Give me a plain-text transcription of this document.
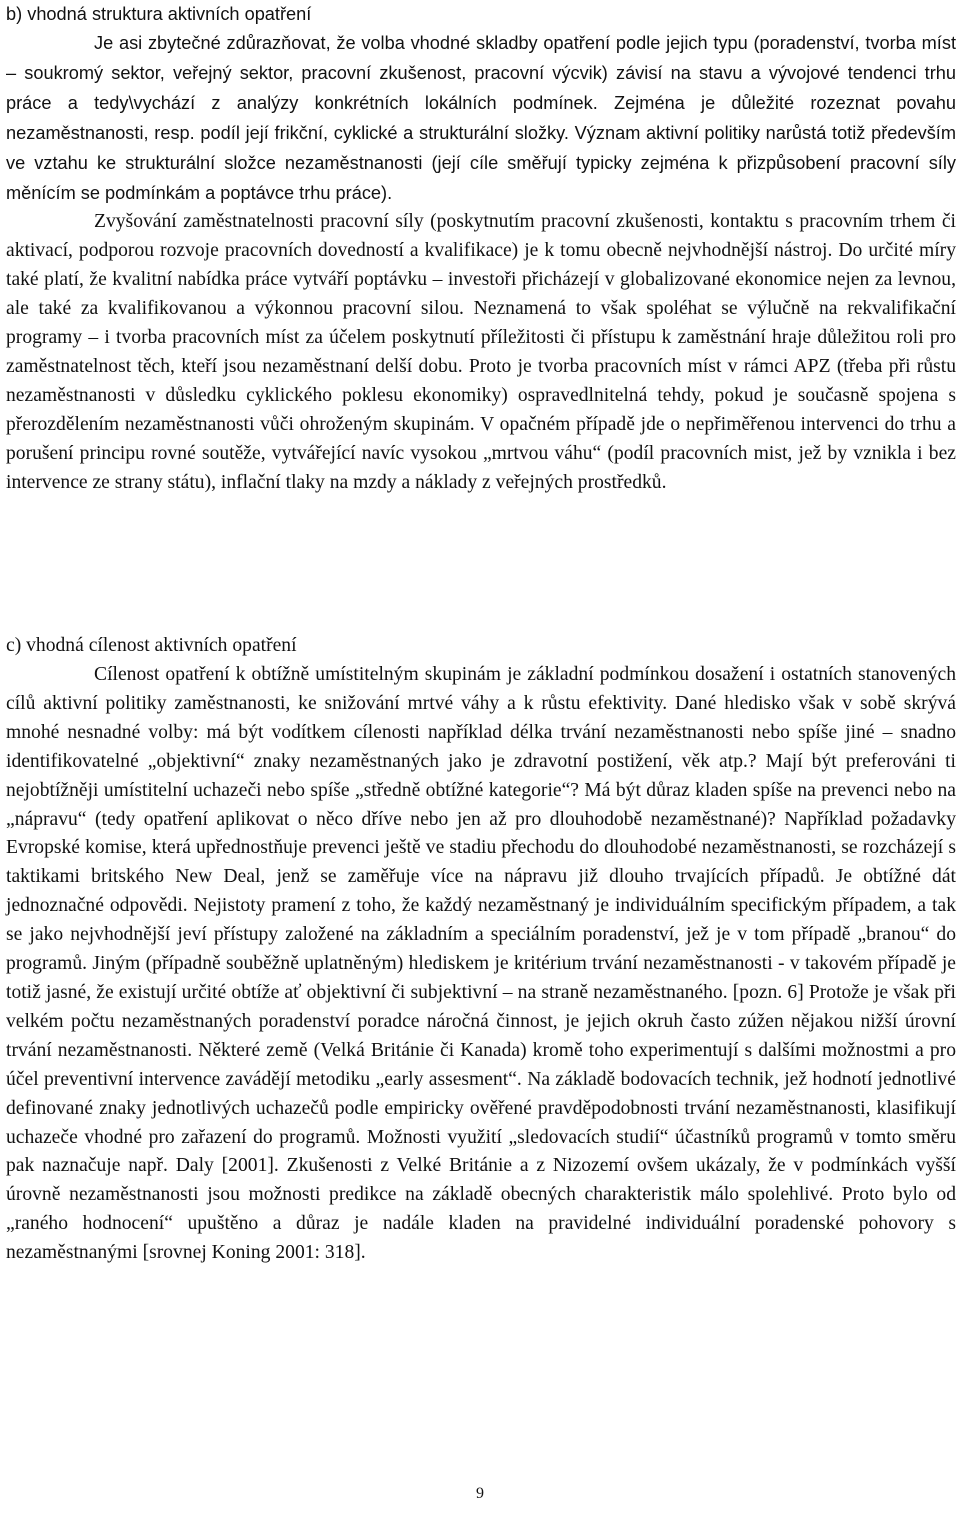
b) vhodná struktura aktivních opatření

Je asi zbytečné zdůrazňovat, že volba vhodné skladby opatření podle jejich typu (poradenství, tvorba míst – soukromý sektor, veřejný sektor, pracovní zkušenost, pracovní výcvik) závisí na stavu a vývojové tendenci trhu práce a tedy\vychází z analýzy konkrétních lokálních podmínek. Zejména je důležité rozeznat povahu nezaměstnanosti, resp. podíl její frikční, cyklické a strukturální složky. Význam aktivní politiky narůstá totiž především ve vztahu ke strukturální složce nezaměstnanosti (její cíle směřují typicky zejména k přizpůsobení pracovní síly měnícím se podmínkám a poptávce trhu práce).
Zvyšování zaměstnatelnosti pracovní síly (poskytnutím pracovní zkušenosti, kontaktu s pracovním trhem či aktivací, podporou rozvoje pracovních dovedností a kvalifikace) je k tomu obecně nejvhodnější nástroj. Do určité míry také platí, že kvalitní nabídka práce vytváří poptávku – investoři přicházejí v globalizované ekonomice nejen za levnou, ale také za kvalifikovanou a výkonnou pracovní silou. Neznamená to však spoléhat se výlučně na rekvalifikační programy – i tvorba pracovních míst za účelem poskytnutí příležitosti či přístupu k zaměstnání hraje důležitou roli pro zaměstnatelnost těch, kteří jsou nezaměstnaní delší dobu. Proto je tvorba pracovních míst v rámci APZ (třeba při růstu nezaměstnanosti v důsledku cyklického poklesu ekonomiky) ospravedlnitelná tehdy, pokud je současně spojena s přerozdělením nezaměstnanosti vůči ohroženým skupinám. V opačném případě jde o nepřiměřenou intervenci do trhu a porušení principu rovné soutěže, vytvářející navíc vysokou „mrtvou váhu“ (podíl pracovních mist, jež by vznikla i bez intervence ze strany státu), inflační tlaky na mzdy a náklady z veřejných prostředků.

c) vhodná cílenost aktivních opatření

Cílenost opatření k obtížně umístitelným skupinám je základní podmínkou dosažení i ostatních stanovených cílů aktivní politiky zaměstnanosti, ke snižování mrtvé váhy a k růstu efektivity. Dané hledisko však v sobě skrývá mnohé nesnadné volby: má být vodítkem cílenosti například délka trvání nezaměstnanosti nebo spíše jiné – snadno identifikovatelné „objektivní“ znaky nezaměstnaných jako je zdravotní postižení, věk atp.? Mají být preferováni ti nejobtížněji umístitelní uchazeči nebo spíše „středně obtížné kategorie“? Má být důraz kladen spíše na prevenci nebo na „nápravu“ (tedy opatření aplikovat o něco dříve nebo jen až pro dlouhodobě nezaměstnané)? Například požadavky Evropské komise, která upřednostňuje prevenci ještě ve stadiu přechodu do dlouhodobé nezaměstnanosti, se rozcházejí s taktikami britského New Deal, jenž se zaměřuje více na nápravu již dlouho trvajících případů. Je obtížné dát jednoznačné odpovědi. Nejistoty pramení z toho, že každý nezaměstnaný je individuálním specifickým případem, a tak se jako nejvhodnější jeví přístupy založené na základním a speciálním poradenství, jež je v tom případě „branou“ do programů. Jiným (případně souběžně uplatněným) hlediskem je kritérium trvání nezaměstnanosti - v takovém případě je totiž jasné, že existují určité obtíže ať objektivní či subjektivní – na straně nezaměstnaného. [pozn. 6] Protože je však při velkém počtu nezaměstnaných poradenství poradce náročná činnost, je jejich okruh často zúžen nějakou nižší úrovní trvání nezaměstnanosti. Některé země (Velká Británie či Kanada) kromě toho experimentují s dalšími možnostmi a pro účel preventivní intervence zavádějí metodiku „early assesment“. Na základě bodovacích technik, jež hodnotí jednotlivé definované znaky jednotlivých uchazečů podle empiricky ověřené pravděpodobnosti trvání nezaměstnanosti, klasifikují uchazeče vhodné pro zařazení do programů. Možnosti využití „sledovacích studií“ účastníků programů v tomto směru pak naznačuje např. Daly [2001]. Zkušenosti z Velké Británie a z Nizozemí ovšem ukázaly, že v podmínkách vyšší úrovně nezaměstnanosti jsou možnosti predikce na základě obecných charakteristik málo spolehlivé. Proto bylo od „raného hodnocení“ upuštěno a důraz je nadále kladen na pravidelné individuální poradenské pohovory s nezaměstnanými [srovnej Koning 2001: 318].

9
